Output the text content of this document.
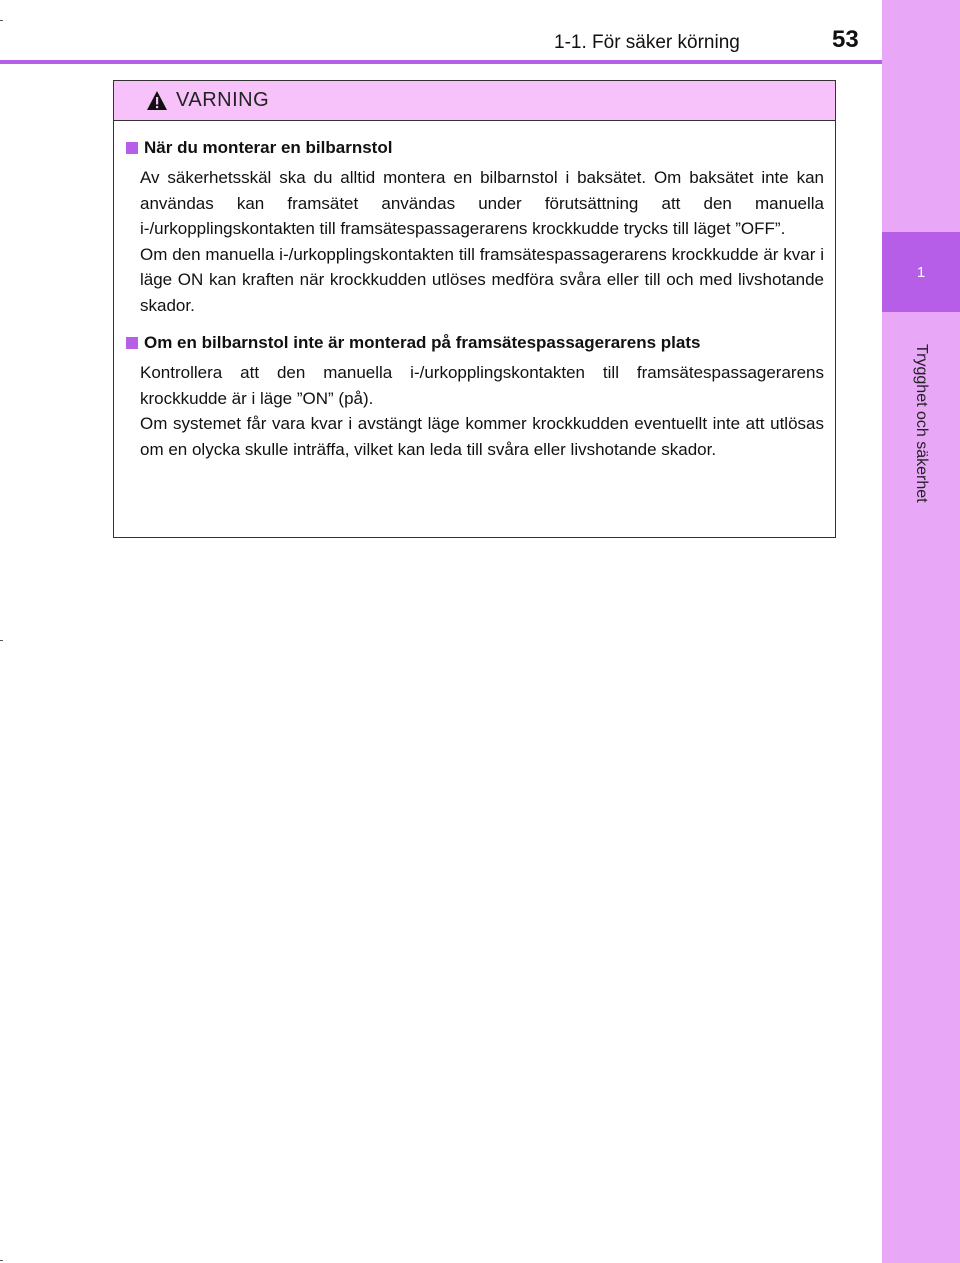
1-1. För säker körning	53
1
Trygghet och säkerhet
VARNING
När du monterar en bilbarnstol
Av säkerhetsskäl ska du alltid montera en bilbarnstol i baksätet. Om baksätet inte kan användas kan framsätet användas under förutsättning att den manuella i-/urkopplingskontakten till framsätespassagerarens krockkudde trycks till läget ”OFF”.
Om den manuella i-/urkopplingskontakten till framsätespassagerarens krockkudde är kvar i läge ON kan kraften när krockkudden utlöses medföra svåra eller till och med livshotande skador.
Om en bilbarnstol inte är monterad på framsätespassagerarens plats
Kontrollera att den manuella i-/urkopplingskontakten till framsätespassagerarens krockkudde är i läge ”ON” (på).
Om systemet får vara kvar i avstängt läge kommer krockkudden eventuellt inte att utlösas om en olycka skulle inträffa, vilket kan leda till svåra eller livshotande skador.
